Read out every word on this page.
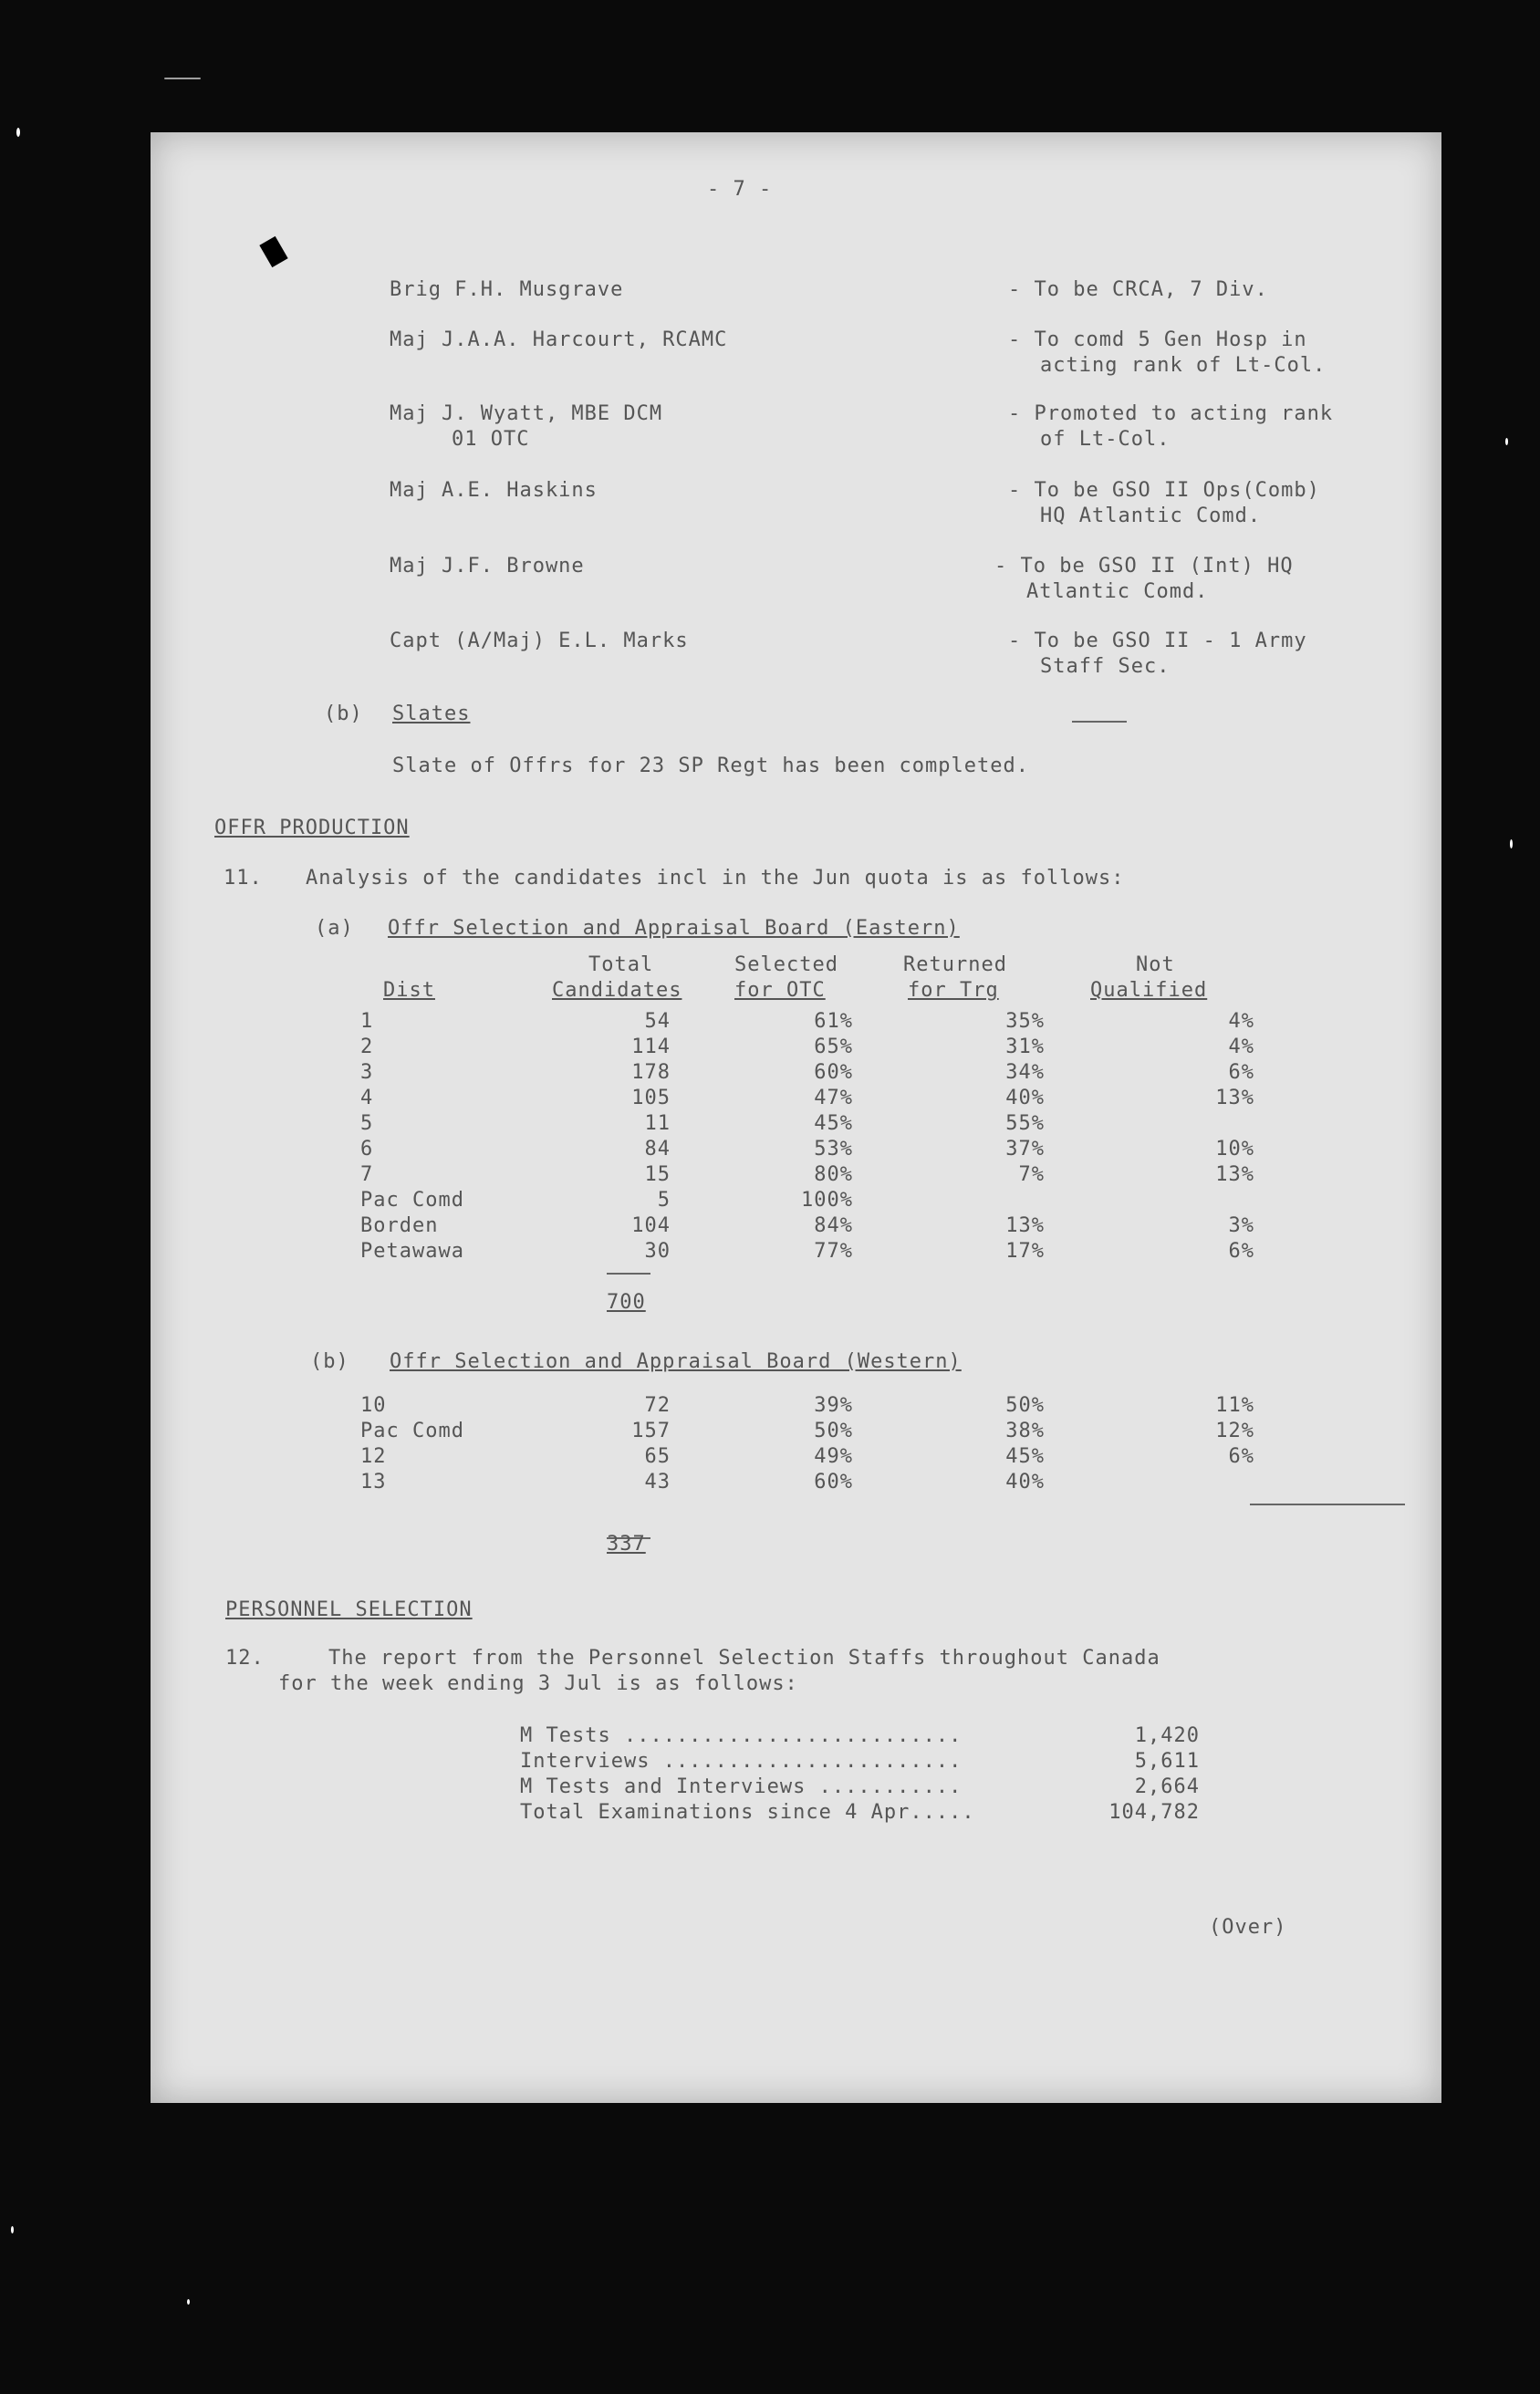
- 7 -
Brig F.H. Musgrave	- To be CRCA, 7 Div.
Maj J.A.A. Harcourt, RCAMC	- To comd 5 Gen Hosp in
acting rank of Lt-Col.
Maj J. Wyatt, MBE DCM
01 OTC
- Promoted to acting rank
of Lt-Col.
Maj A.E. Haskins	- To be GSO II Ops(Comb)
HQ Atlantic Comd.
Maj J.F. Browne	- To be GSO II (Int) HQ
Atlantic Comd.
Capt (A/Maj) E.L. Marks	- To be GSO II - 1 Army
Staff Sec.
(b) Slates
Slate of Offrs for 23 SP Regt has been completed.
OFFR PRODUCTION
11. Analysis of the candidates incl in the Jun quota is as follows:
(a) Offr Selection and Appraisal Board (Eastern)
Total	Selected	Returned	Not
Dist	Candidates	for OTC	for Trg	Qualified
1	54	61%	35%	4%
2	114	65%	31%	4%
3	178	60%	34%	6%
4	105	47%	40%	13%
5	11	45%	55%
6	84	53%	37%	10%
7	15	80%	7%	13%
Pac Comd	5	100%
Borden	104	84%	13%	3%
Petawawa	30	77%	17%	6%
700
(b) Offr Selection and Appraisal Board (Western)
10	72	39%	50%	11%
Pac Comd	157	50%	38%	12%
12	65	49%	45%	6%
13	43	60%	40%
337
PERSONNEL SELECTION
12.	The report from the Personnel Selection Staffs throughout Canada
for the week ending 3 Jul is as follows:
M Tests ..........................	1,420
Interviews .......................	5,611
M Tests and Interviews ...........	2,664
Total Examinations since 4 Apr.....	104,782
(Over)
